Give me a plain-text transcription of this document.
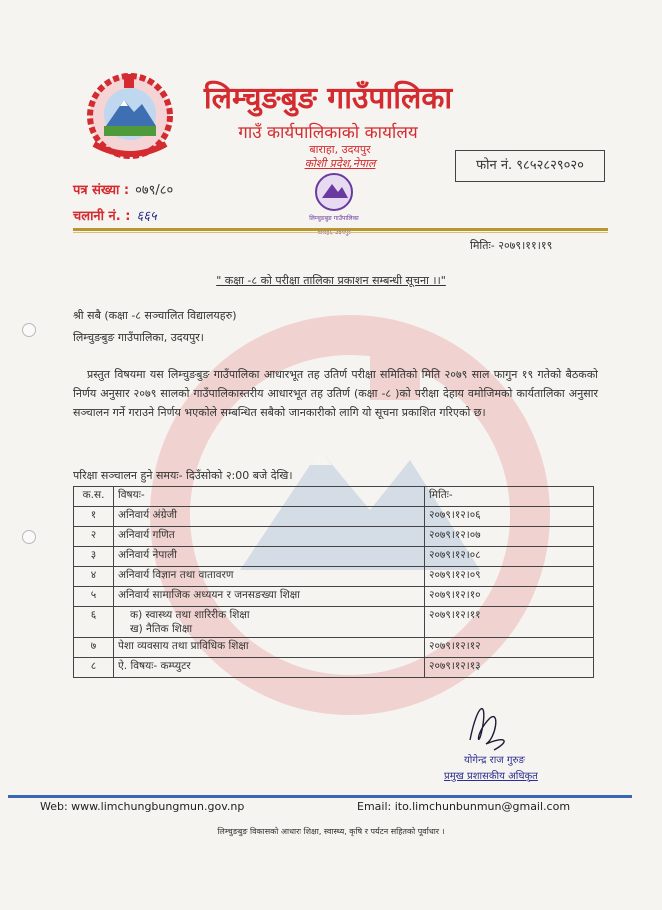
लिम्चुङबुङ गाउँपालिका
गाउँ कार्यपालिकाको कार्यालय
बाराहा, उदयपुर
कोशी प्रदेश,नेपाल	फोन नं. ९८५२८२९०२०
पत्र संख्या : ०७९/८०
चलानी नं. : ६६५	लिम्चुङबुङ गाउँपालिका
मितिः- २०७९।११।१९
" कक्षा -८ को परीक्षा तालिका प्रकाशन सम्बन्धी सूचना ।।"
श्री सबै (कक्षा -८ सञ्चालित विद्यालयहरु)
लिम्चुङबुङ गाउँपालिका, उदयपुर।
प्रस्तुत विषयमा यस लिम्चुङबुङ गाउँपालिका आधारभूत तह उतिर्ण परीक्षा समितिको मिति २०७९ साल फागुन १९ गतेको बैठकको निर्णय अनुसार २०७९ सालको गाउँपालिकास्तरीय आधारभूत तह उतिर्ण (कक्षा -८ )को परीक्षा देहाय वमोजिमको कार्यतालिका अनुसार सञ्चालन गर्ने गराउने निर्णय भएकोले सम्बन्धित सबैको जानकारीको लागि यो सूचना प्रकाशित गरिएको छ।
परिक्षा सञ्चालन हुने समयः- दिउँसोको २:00 बजे देखि।
क.स.	विषयः-	मितिः-
१	अनिवार्य अंग्रेजी	२०७९।१२।०६
२	अनिवार्य गणित	२०७९।१२।०७
३	अनिवार्य नेपाली	२०७९।१२।०८
४	अनिवार्य विज्ञान तथा वातावरण	२०७९।१२।०९
५	अनिवार्य सामाजिक अध्ययन र जनसङख्या शिक्षा	२०७९।१२।१०
६	क) स्वास्थ्य तथा शारिरीक शिक्षा
ख) नैतिक शिक्षा	२०७९।१२।११
७	पेशा व्यवसाय तथा प्राविधिक शिक्षा	२०७९।१२।१२
८	ऐ. विषयः- कम्प्युटर	२०७९।१२।१३
योगेन्द्र राज गुरुङ
प्रमुख प्रशासकीय अधिकृत
Web: www.limchungbungmun.gov.np	Email: ito.limchunbunmun@gmail.com
लिम्चुङबुङ विकासको आधारः शिक्षा, स्वास्थ्य, कृषि र पर्यटन सहितको पूर्वाधार ।
